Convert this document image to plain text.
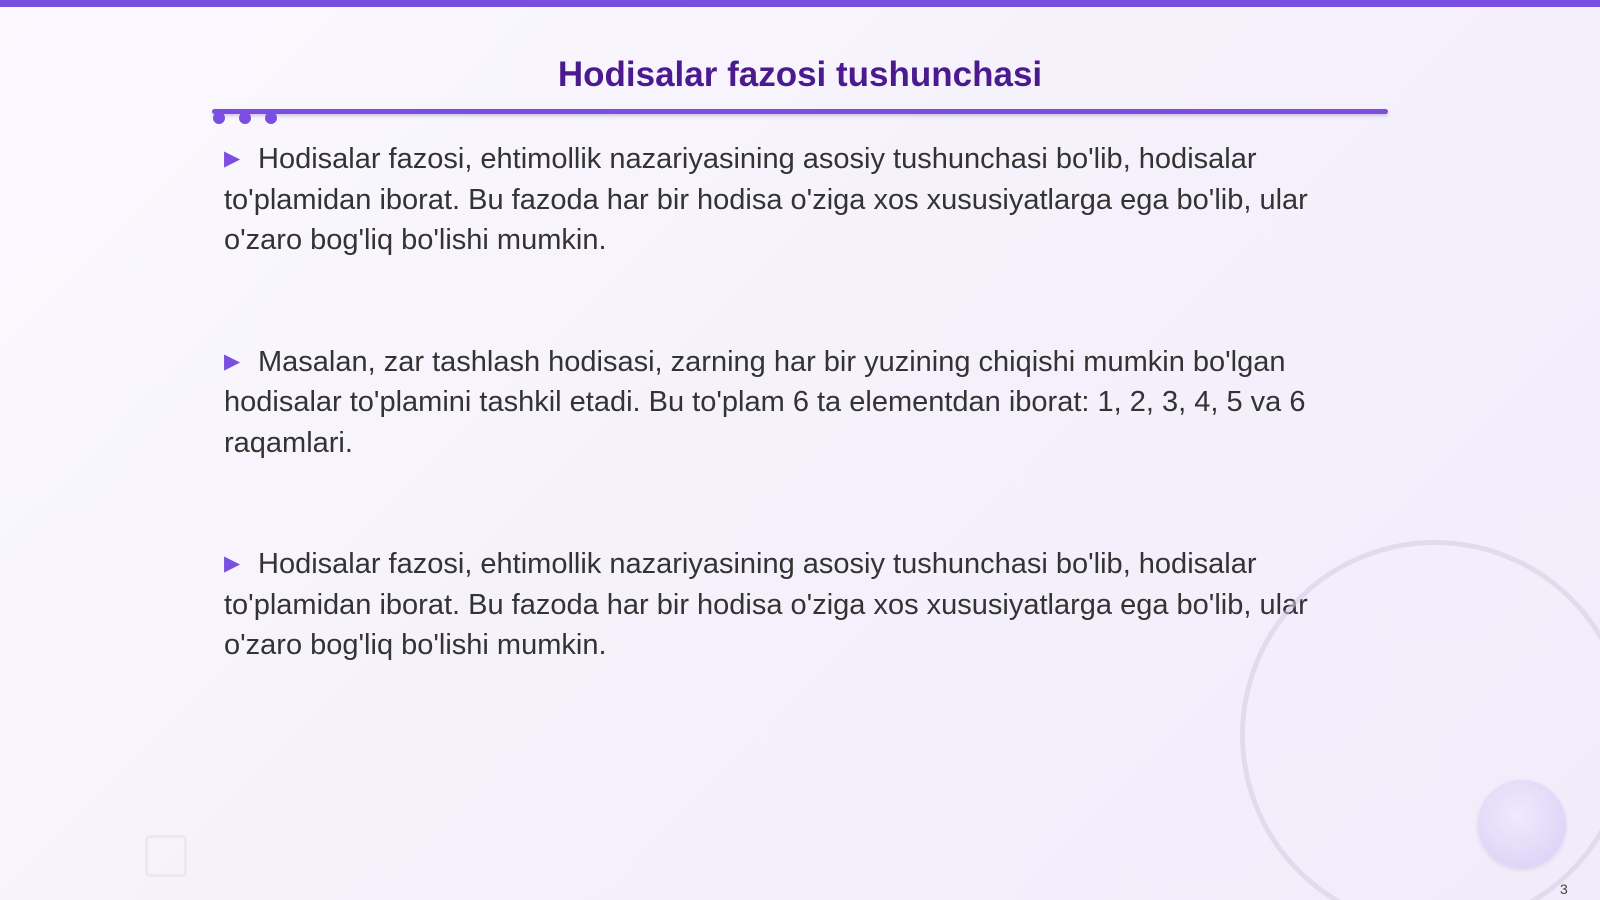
Hodisalar fazosi tushunchasi

▶ Hodisalar fazosi, ehtimollik nazariyasining asosiy tushunchasi bo'lib, hodisalar to'plamidan iborat. Bu fazoda har bir hodisa o'ziga xos xususiyatlarga ega bo'lib, ular o'zaro bog'liq bo'lishi mumkin.

▶ Masalan, zar tashlash hodisasi, zarning har bir yuzining chiqishi mumkin bo'lgan hodisalar to'plamini tashkil etadi. Bu to'plam 6 ta elementdan iborat: 1, 2, 3, 4, 5 va 6 raqamlari.

▶ Hodisalar fazosi, ehtimollik nazariyasining asosiy tushunchasi bo'lib, hodisalar to'plamidan iborat. Bu fazoda har bir hodisa o'ziga xos xususiyatlarga ega bo'lib, ular o'zaro bog'liq bo'lishi mumkin.

3
